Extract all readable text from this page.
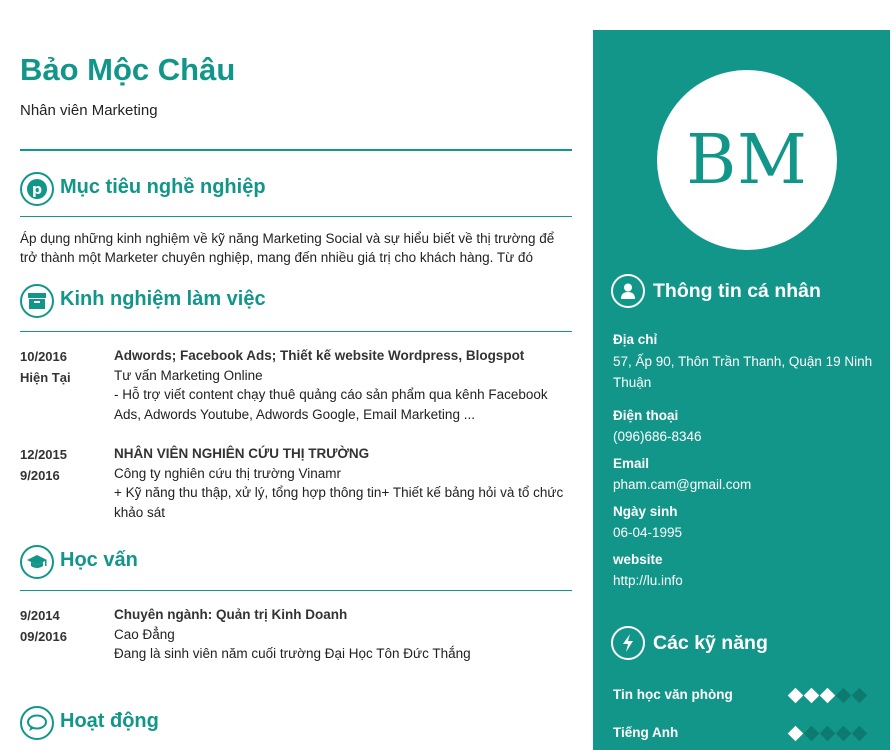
Bảo Mộc Châu
Nhân viên Marketing
p Mục tiêu nghề nghiệp
Áp dụng những kinh nghiệm về kỹ năng Marketing Social và sự hiểu biết về thị trường để trở thành một Marketer chuyên nghiệp, mang đến nhiều giá trị cho khách hàng. Từ đó
Kinh nghiệm làm việc
10/2016
Hiện Tại
Adwords; Facebook Ads; Thiết kế website Wordpress, Blogspot
Tư vấn Marketing Online
- Hỗ trợ viết content chạy thuê quảng cáo sản phẩm qua kênh Facebook Ads, Adwords Youtube, Adwords Google, Email Marketing ...
12/2015
9/2016
NHÂN VIÊN NGHIÊN CỨU THỊ TRƯỜNG
Công ty nghiên cứu thị trường Vinamr
+ Kỹ năng thu thập, xử lý, tổng hợp thông tin+ Thiết kế bảng hỏi và tổ chức khảo sát
Học vấn
9/2014
09/2016
Chuyên ngành: Quản trị Kinh Doanh
Cao Đẳng
Đang là sinh viên năm cuối trường Đại Học Tôn Đức Thắng
Hoạt động
BM
Thông tin cá nhân
Địa chỉ
57, Ấp 90, Thôn Trần Thanh, Quận 19 Ninh Thuận
Điện thoại
(096)686-8346
Email
pham.cam@gmail.com
Ngày sinh
06-04-1995
website
http://lu.info
Các kỹ năng
Tin học văn phòng
Tiếng Anh
